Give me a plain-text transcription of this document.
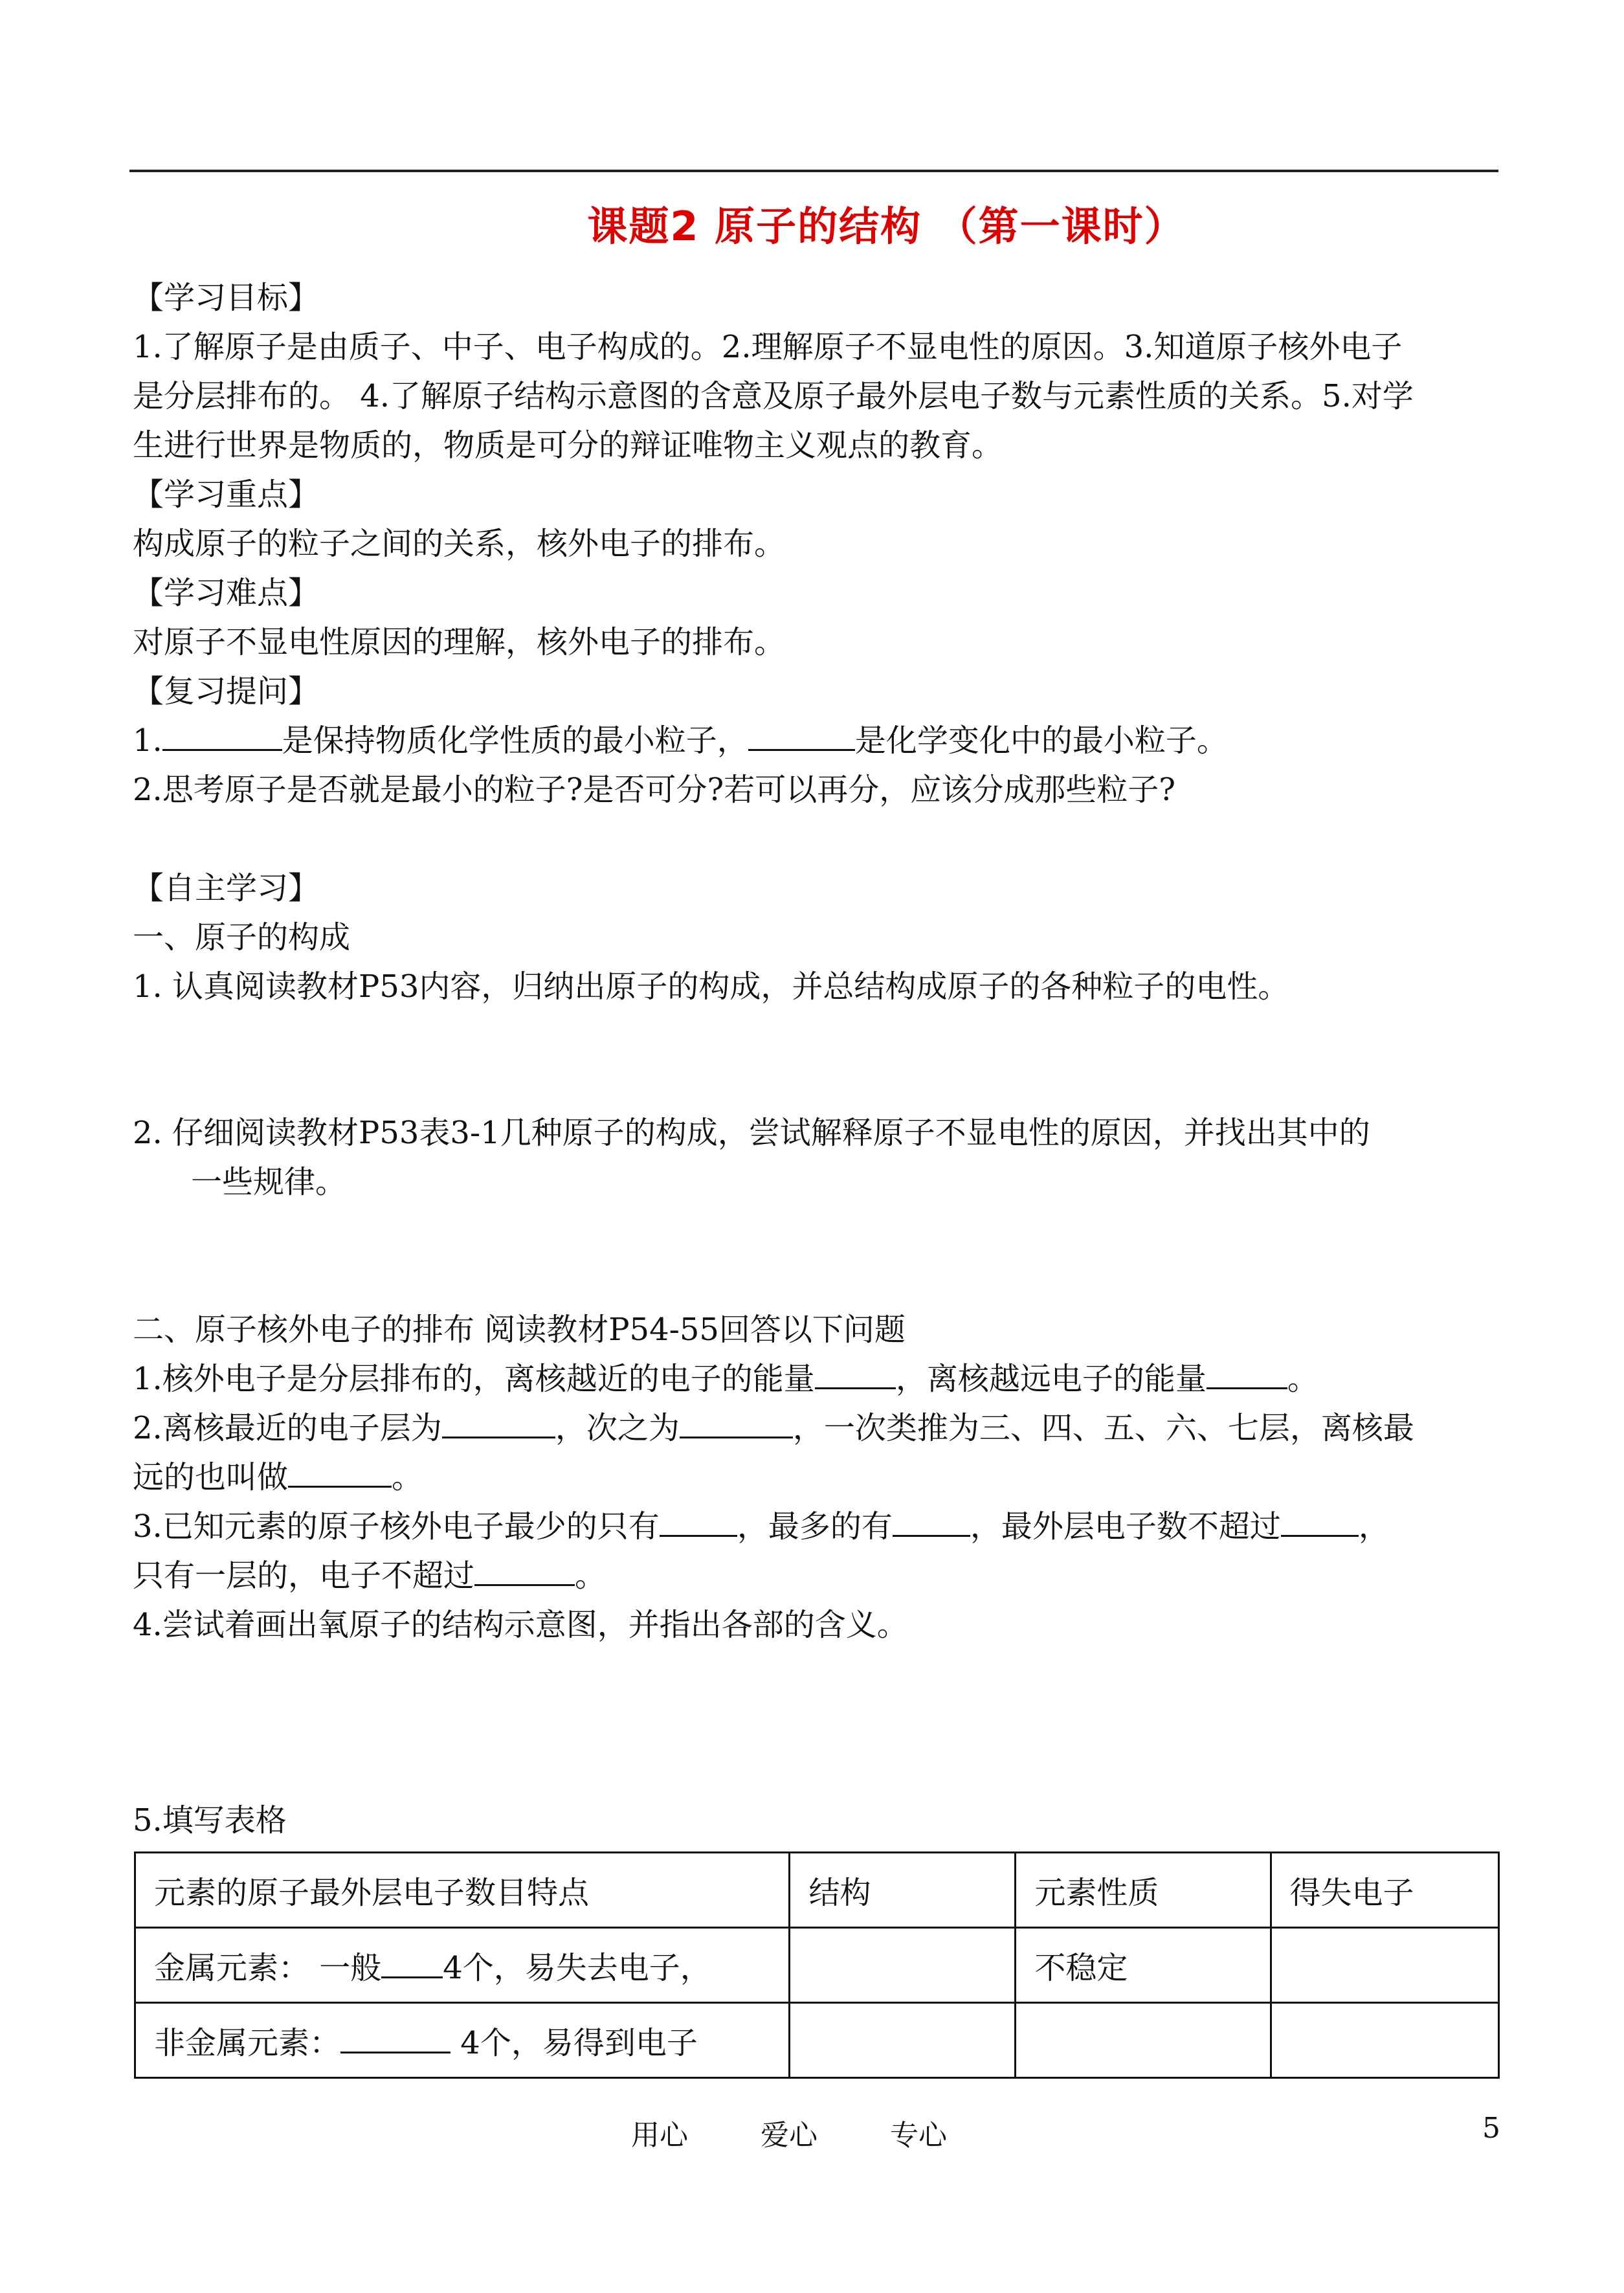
课题2 原子的结构 （第一课时）
【学习目标】
1.了解原子是由质子、中子、电子构成的。2.理解原子不显电性的原因。3.知道原子核外电子
是分层排布的。 4.了解原子结构示意图的含意及原子最外层电子数与元素性质的关系。5.对学
生进行世界是物质的，物质是可分的辩证唯物主义观点的教育。
【学习重点】
构成原子的粒子之间的关系，核外电子的排布。
【学习难点】
对原子不显电性原因的理解，核外电子的排布。
【复习提问】
1.	是保持物质化学性质的最小粒子，	是化学变化中的最小粒子。
2.思考原子是否就是最小的粒子?是否可分?若可以再分，应该分成那些粒子?
【自主学习】
一、原子的构成
1. 认真阅读教材P53内容，归纳出原子的构成，并总结构成原子的各种粒子的电性。
2. 仔细阅读教材P53表3-1几种原子的构成，尝试解释原子不显电性的原因，并找出其中的
一些规律。
二、原子核外电子的排布 阅读教材P54-55回答以下问题
1.核外电子是分层排布的，离核越近的电子的能量	，离核越远电子的能量	。
2.离核最近的电子层为	，次之为	，一次类推为三、四、五、六、七层，离核最
远的也叫做	。
3.已知元素的原子核外电子最少的只有	，最多的有	，最外层电子数不超过	，
只有一层的，电子不超过	。
4.尝试着画出氧原子的结构示意图，并指出各部的含义。
5.填写表格
元素的原子最外层电子数目特点	结构	元素性质	得失电子
金属元素： 一般 4个，易失去电子，		不稳定	
非金属元素： 4个，易得到电子			
用心	爱心	专心	5
